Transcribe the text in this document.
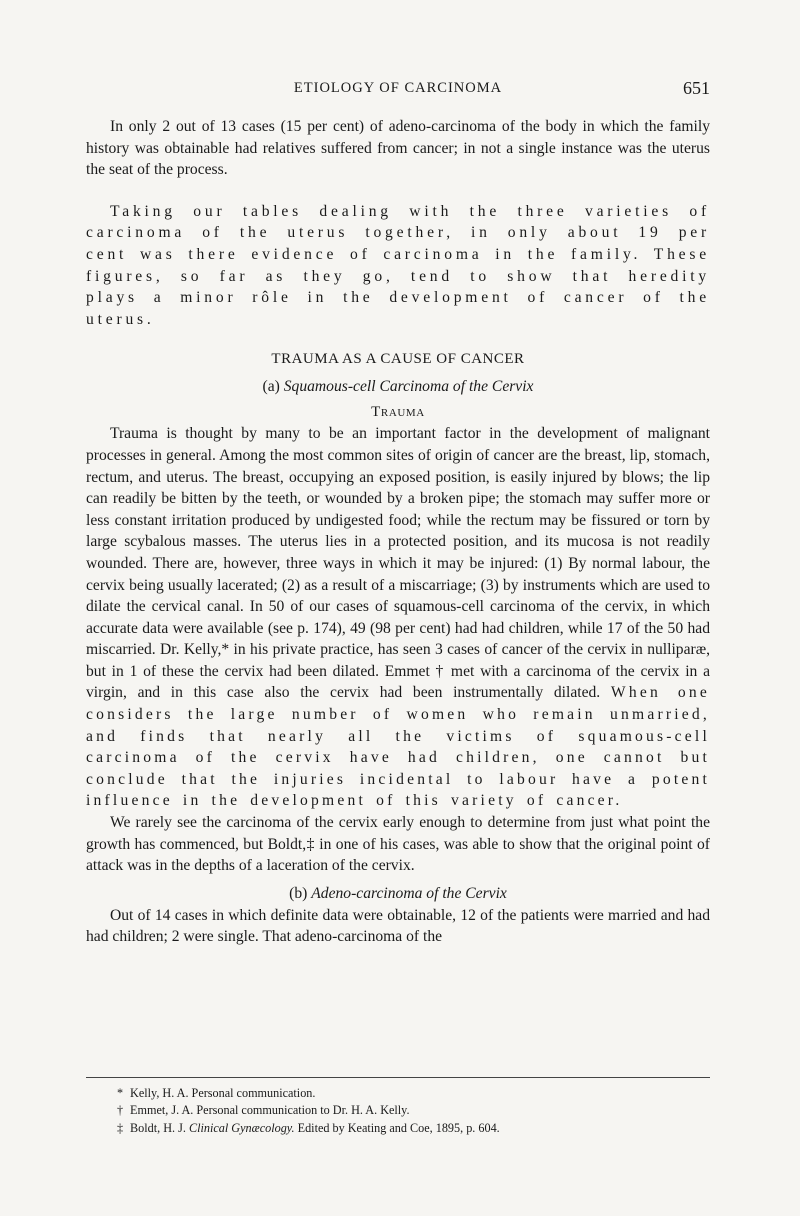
ETIOLOGY OF CARCINOMA	651

In only 2 out of 13 cases (15 per cent) of adeno-carcinoma of the body in which the family history was obtainable had relatives suffered from cancer; in not a single instance was the uterus the seat of the process.

Taking our tables dealing with the three varieties of carcinoma of the uterus together, in only about 19 per cent was there evidence of carcinoma in the family. These figures, so far as they go, tend to show that heredity plays a minor rôle in the development of cancer of the uterus.

TRAUMA AS A CAUSE OF CANCER
(a) Squamous-cell Carcinoma of the Cervix
Trauma

Trauma is thought by many to be an important factor in the development of malignant processes in general. Among the most common sites of origin of cancer are the breast, lip, stomach, rectum, and uterus. The breast, occupying an exposed position, is easily injured by blows; the lip can readily be bitten by the teeth, or wounded by a broken pipe; the stomach may suffer more or less constant irritation produced by undigested food; while the rectum may be fissured or torn by large scybalous masses. The uterus lies in a protected position, and its mucosa is not readily wounded. There are, however, three ways in which it may be injured: (1) By normal labour, the cervix being usually lacerated; (2) as a result of a miscarriage; (3) by instruments which are used to dilate the cervical canal. In 50 of our cases of squamous-cell carcinoma of the cervix, in which accurate data were available (see p. 174), 49 (98 per cent) had had children, while 17 of the 50 had miscarried. Dr. Kelly,* in his private practice, has seen 3 cases of cancer of the cervix in nulliparæ, but in 1 of these the cervix had been dilated. Emmet † met with a carcinoma of the cervix in a virgin, and in this case also the cervix had been instrumentally dilated. When one considers the large number of women who remain unmarried, and finds that nearly all the victims of squamous-cell carcinoma of the cervix have had children, one cannot but conclude that the injuries incidental to labour have a potent influence in the development of this variety of cancer.

We rarely see the carcinoma of the cervix early enough to determine from just what point the growth has commenced, but Boldt,‡ in one of his cases, was able to show that the original point of attack was in the depths of a laceration of the cervix.

(b) Adeno-carcinoma of the Cervix

Out of 14 cases in which definite data were obtainable, 12 of the patients were married and had had children; 2 were single. That adeno-carcinoma of the

* Kelly, H. A. Personal communication.
† Emmet, J. A. Personal communication to Dr. H. A. Kelly.
‡ Boldt, H. J. Clinical Gynæcology. Edited by Keating and Coe, 1895, p. 604.
